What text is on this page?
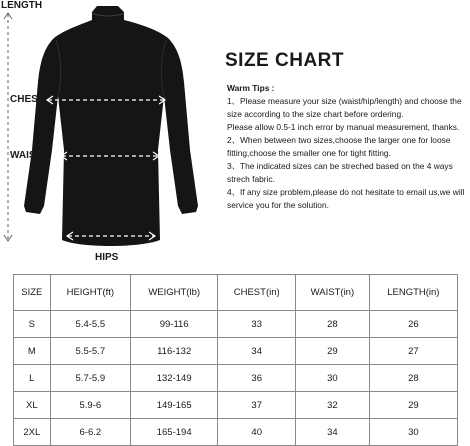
LENGTH
CHEST
WAIST
HIPS
SIZE CHART

Warm Tips :

1、Please measure your size (waist/hip/length) and choose the size according to the size chart before ordering.

Please allow 0.5-1 inch error by manual measurement, thanks.

2、When between two sizes,choose the larger one for loose fitting,choose the smaller one for tight fitting.

3、The indicated sizes can be streched based on the 4 ways strech fabric.

4、If any size problem,please do not hesitate to email us,we will service you for the solution.

SIZE	HEIGHT(ft)	WEIGHT(lb)	CHEST(in)	WAIST(in)	LENGTH(in)
S	5.4-5.5	99-116	33	28	26
M	5.5-5.7	116-132	34	29	27
L	5.7-5.9	132-149	36	30	28
XL	5.9-6	149-165	37	32	29
2XL	6-6.2	165-194	40	34	30
